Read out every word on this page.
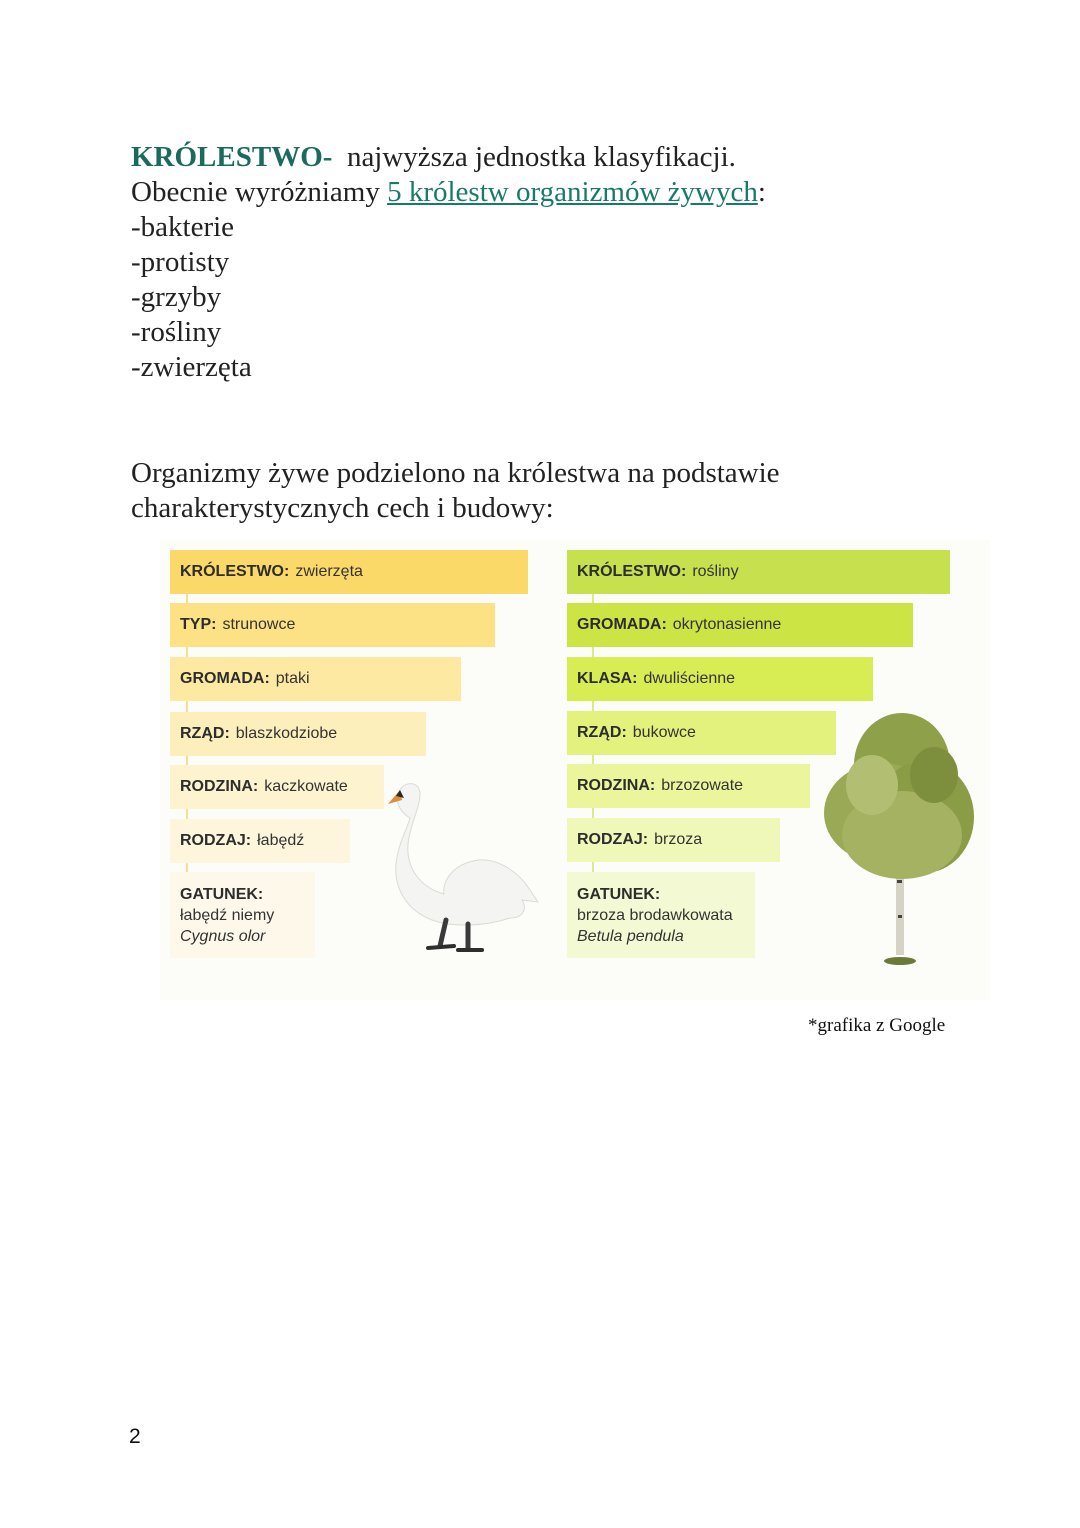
KRÓLESTWO- najwyższa jednostka klasyfikacji.
Obecnie wyróżniamy 5 królestw organizmów żywych:
-bakterie
-protisty
-grzyby
-rośliny
-zwierzęta
Organizmy żywe podzielono na królestwa na podstawie charakterystycznych cech i budowy:
KRÓLESTWO: zwierzęta
TYP: strunowce
GROMADA: ptaki
RZĄD: blaszkodziobe
RODZINA: kaczkowate
RODZAJ: łabędź
GATUNEK:
łabędź niemy
Cygnus olor
KRÓLESTWO: rośliny
GROMADA: okrytonasienne
KLASA: dwuliścienne
RZĄD: bukowce
RODZINA: brzozowate
RODZAJ: brzoza
GATUNEK:
brzoza brodawkowata
Betula pendula
*grafika z Google
2
